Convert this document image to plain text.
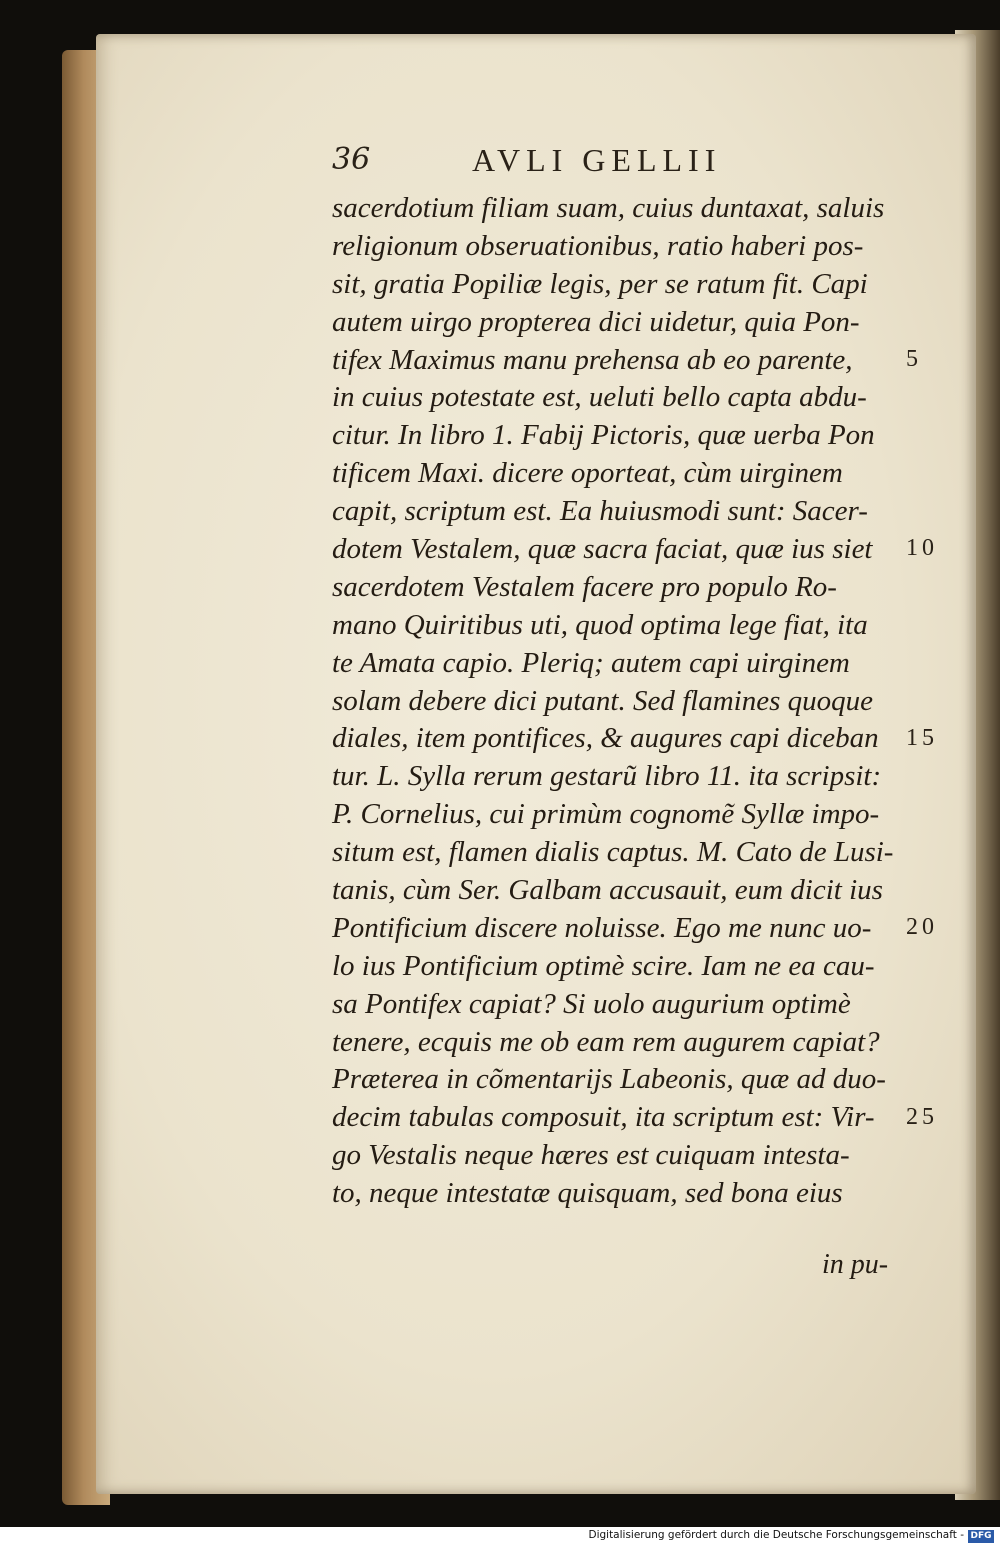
36	AVLI GELLII
sacerdotium filiam suam, cuius duntaxat, saluis
religionum obseruationibus, ratio haberi pos-
sit, gratia Popiliæ legis, per se ratum fit. Capi
autem uirgo propterea dici uidetur, quia Pon-
tifex Maximus manu prehensa ab eo parente,
in cuius potestate est, ueluti bello capta abdu-
citur. In libro 1. Fabij Pictoris, quæ uerba Pon
tificem Maxi. dicere oporteat, cùm uirginem
capit, scriptum est. Ea huiusmodi sunt: Sacer-
dotem Vestalem, quæ sacra faciat, quæ ius siet
sacerdotem Vestalem facere pro populo Ro-
mano Quiritibus uti, quod optima lege fiat, ita
te Amata capio. Pleriq; autem capi uirginem
solam debere dici putant. Sed flamines quoque
diales, item pontifices, & augures capi diceban
tur. L. Sylla rerum gestarũ libro 11. ita scripsit:
P. Cornelius, cui primùm cognomẽ Syllæ impo-
situm est, flamen dialis captus. M. Cato de Lusi-
tanis, cùm Ser. Galbam accusauit, eum dicit ius
Pontificium discere noluisse. Ego me nunc uo-
lo ius Pontificium optimè scire. Iam ne ea cau-
sa Pontifex capiat? Si uolo augurium optimè
tenere, ecquis me ob eam rem augurem capiat?
Præterea in cõmentarijs Labeonis, quæ ad duo-
decim tabulas composuit, ita scriptum est: Vir-
go Vestalis neque hæres est cuiquam intesta-
to, neque intestatæ quisquam, sed bona eius
in pu-
5
10
15
20
25
Digitalisierung gefördert durch die Deutsche Forschungsgemeinschaft - DFG
